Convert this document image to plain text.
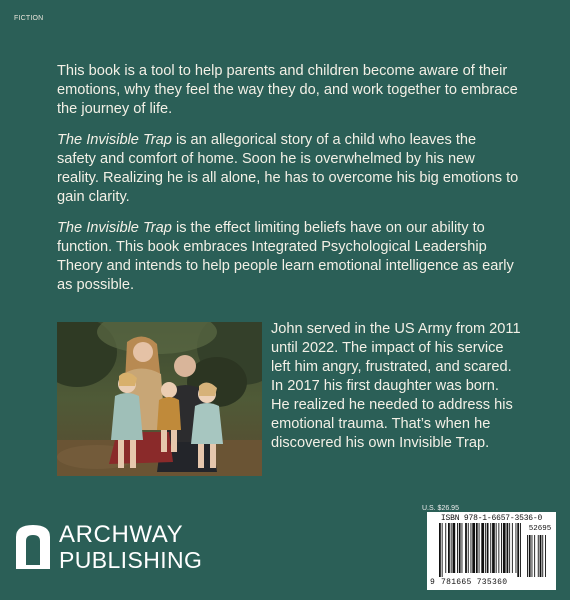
FICTION

This book is a tool to help parents and children become aware of their emotions, why they feel the way they do, and work together to embrace the journey of life.

The Invisible Trap is an allegorical story of a child who leaves the safety and comfort of home. Soon he is overwhelmed by his new reality. Realizing he is all alone, he has to overcome his big emotions to gain clarity.

The Invisible Trap is the effect limiting beliefs have on our ability to function. This book embraces Integrated Psychological Leadership Theory and intends to help people learn emotional intelligence as early as possible.

John served in the US Army from 2011 until 2022. The impact of his service left him angry, frustrated, and scared. In 2017 his first daughter was born. He realized he needed to address his emotional trauma. That’s when he discovered his own Invisible Trap.
ARCHWAY
PUBLISHING
U.S. $26.95
ISBN 978-1-6657-3536-0
52695
9 781665 735360
